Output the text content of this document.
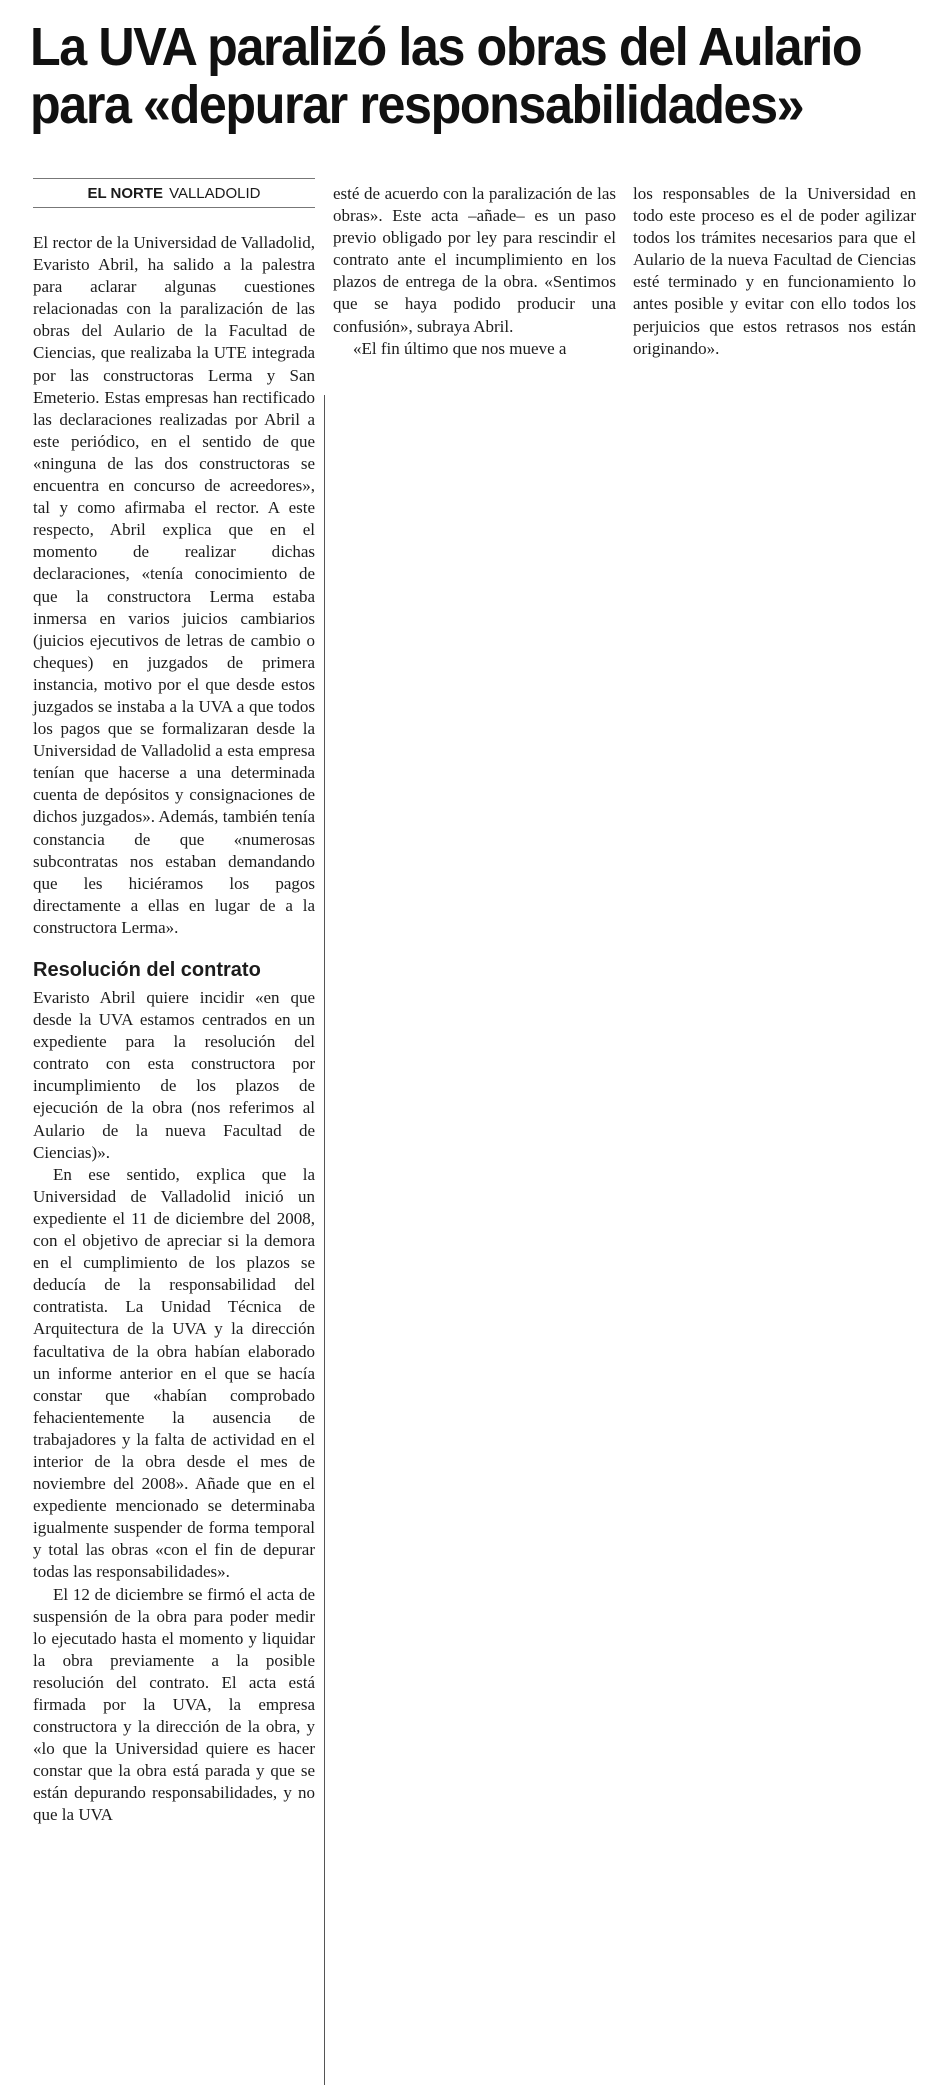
La UVA paralizó las obras del Aulario
para «depurar responsabilidades»
EL NORTE VALLADOLID

El rector de la Universidad de Valladolid, Evaristo Abril, ha salido a la palestra para aclarar algunas cuestiones relacionadas con la paralización de las obras del Aulario de la Facultad de Ciencias, que realizaba la UTE integrada por las constructoras Lerma y San Emeterio. Estas empresas han rectificado las declaraciones realizadas por Abril a este periódico, en el sentido de que «ninguna de las dos constructoras se encuentra en concurso de acreedores», tal y como afirmaba el rector. A este respecto, Abril explica que en el momento de realizar dichas declaraciones, «tenía conocimiento de que la constructora Lerma estaba inmersa en varios juicios cambiarios (juicios ejecutivos de letras de cambio o cheques) en juzgados de primera instancia, motivo por el que desde estos juzgados se instaba a la UVA a que todos los pagos que se formalizaran desde la Universidad de Valladolid a esta empresa tenían que hacerse a una determinada cuenta de depósitos y consignaciones de dichos juzgados». Además, también tenía constancia de que «numerosas subcontratas nos estaban demandando que les hiciéramos los pagos directamente a ellas en lugar de a la constructora Lerma».

Resolución del contrato

Evaristo Abril quiere incidir «en que desde la UVA estamos centrados en un expediente para la resolución del contrato con esta constructora por incumplimiento de los plazos de ejecución de la obra (nos referimos al Aulario de la nueva Facultad de Ciencias)».

En ese sentido, explica que la Universidad de Valladolid inició un expediente el 11 de diciembre del 2008, con el objetivo de apreciar si la demora en el cumplimiento de los plazos se deducía de la responsabilidad del contratista. La Unidad Técnica de Arquitectura de la UVA y la dirección facultativa de la obra habían elaborado un informe anterior en el que se hacía constar que «habían comprobado fehacientemente la ausencia de trabajadores y la falta de actividad en el interior de la obra desde el mes de noviembre del 2008». Añade que en el expediente mencionado se determinaba igualmente suspender de forma temporal y total las obras «con el fin de depurar todas las responsabilidades».

El 12 de diciembre se firmó el acta de suspensión de la obra para poder medir lo ejecutado hasta el momento y liquidar la obra previamente a la posible resolución del contrato. El acta está firmada por la UVA, la empresa constructora y la dirección de la obra, y «lo que la Universidad quiere es hacer constar que la obra está parada y que se están depurando responsabilidades, y no que la UVA

esté de acuerdo con la paralización de las obras». Este acta –añade– es un paso previo obligado por ley para rescindir el contrato ante el incumplimiento en los plazos de entrega de la obra. «Sentimos que se haya podido producir una confusión», subraya Abril.

«El fin último que nos mueve a

los responsables de la Universidad en todo este proceso es el de poder agilizar todos los trámites necesarios para que el Aulario de la nueva Facultad de Ciencias esté terminado y en funcionamiento lo antes posible y evitar con ello todos los perjuicios que estos retrasos nos están originando».
